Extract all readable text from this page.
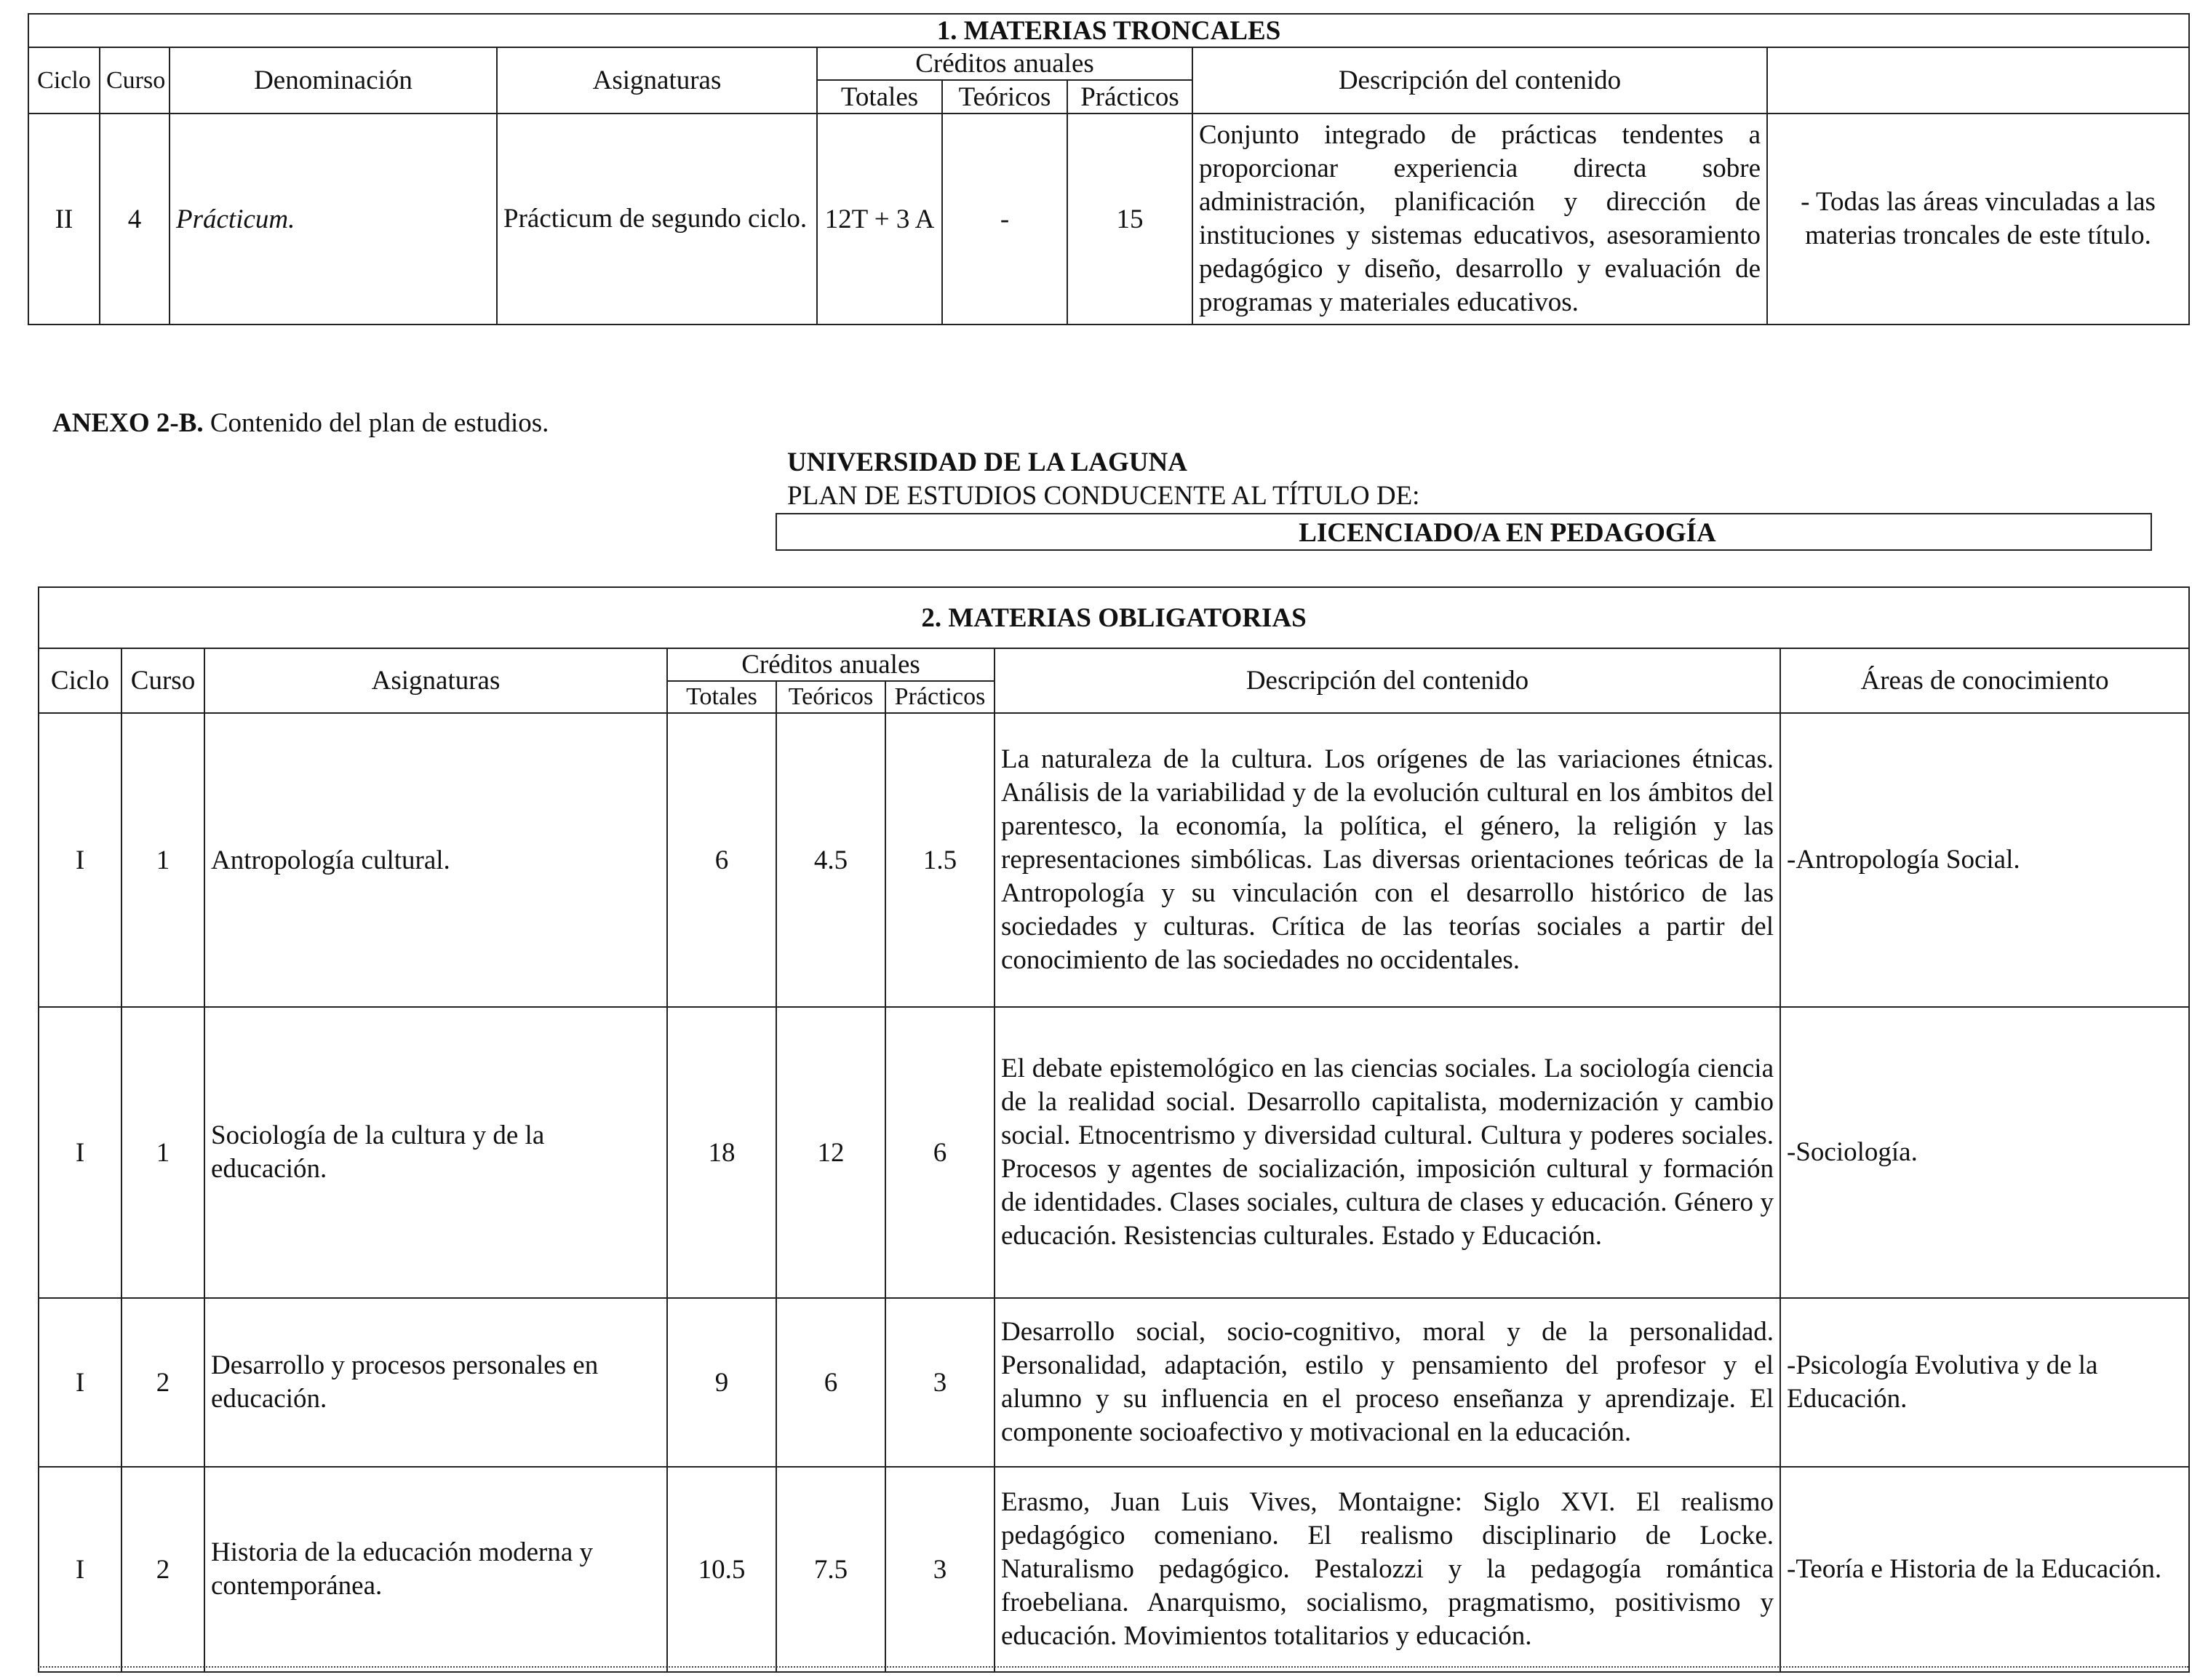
1. MATERIAS TRONCALES								
Ciclo	Curso	Denominación	Asignaturas	Créditos anuales			Descripción del contenido	
				Totales	Teóricos	Prácticos		
II	4	Prácticum.	Prácticum de segundo ciclo.	12T + 3 A	-	15	Conjunto integrado de prácticas tendentes a proporcionar experiencia directa sobre administración, planificación y dirección de instituciones y sistemas educativos, asesoramiento pedagógico y diseño, desarrollo y evaluación de programas y materiales educativos.	- Todas las áreas vinculadas a las materias troncales de este título.
ANEXO 2-B. Contenido del plan de estudios.
UNIVERSIDAD DE LA LAGUNA
PLAN DE ESTUDIOS CONDUCENTE AL TÍTULO DE:
LICENCIADO/A EN PEDAGOGÍA
2. MATERIAS OBLIGATORIAS							
Ciclo	Curso	Asignaturas	Créditos anuales			Descripción del contenido	Áreas de conocimiento
			Totales	Teóricos	Prácticos		
I	1	Antropología cultural.	6	4.5	1.5	La naturaleza de la cultura. Los orígenes de las variaciones étnicas. Análisis de la variabilidad y de la evolución cultural en los ámbitos del parentesco, la economía, la política, el género, la religión y las representaciones simbólicas. Las diversas orientaciones teóricas de la Antropología y su vinculación con el desarrollo histórico de las sociedades y culturas. Crítica de las teorías sociales a partir del conocimiento de las sociedades no occidentales.	-Antropología Social.
I	1	Sociología de la cultura y de la educación.	18	12	6	El debate epistemológico en las ciencias sociales. La sociología ciencia de la realidad social. Desarrollo capitalista, modernización y cambio social. Etnocentrismo y diversidad cultural. Cultura y poderes sociales. Procesos y agentes de socialización, imposición cultural y formación de identidades. Clases sociales, cultura de clases y educación. Género y educación. Resistencias culturales. Estado y Educación.	-Sociología.
I	2	Desarrollo y procesos personales en educación.	9	6	3	Desarrollo social, socio-cognitivo, moral y de la personalidad. Personalidad, adaptación, estilo y pensamiento del profesor y el alumno y su influencia en el proceso enseñanza y aprendizaje. El componente socioafectivo y motivacional en la educación.	-Psicología Evolutiva y de la Educación.
I	2	Historia de la educación moderna y contemporánea.	10.5	7.5	3	Erasmo, Juan Luis Vives, Montaigne: Siglo XVI. El realismo pedagógico comeniano. El realismo disciplinario de Locke. Naturalismo pedagógico. Pestalozzi y la pedagogía romántica froebeliana. Anarquismo, socialismo, pragmatismo, positivismo y educación. Movimientos totalitarios y educación.	-Teoría e Historia de la Educación.
